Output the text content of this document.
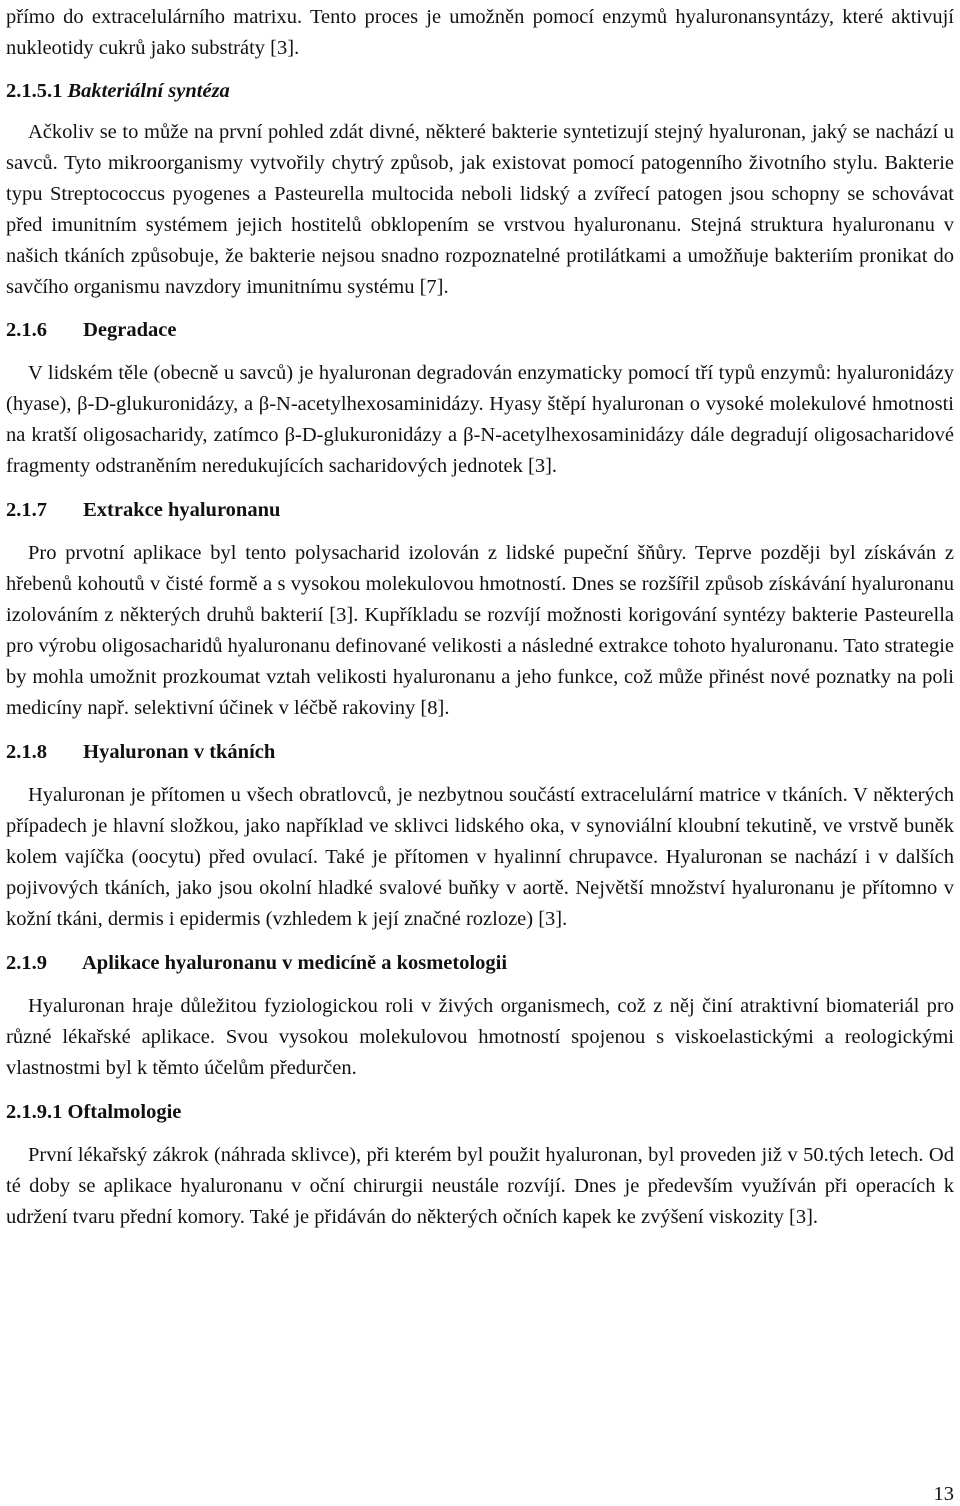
přímo do extracelulárního matrixu. Tento proces je umožněn pomocí enzymů hyaluronansyntázy, které aktivují nukleotidy cukrů jako substráty [3].

2.1.5.1 Bakteriální syntéza

Ačkoliv se to může na první pohled zdát divné, některé bakterie syntetizují stejný hyaluronan, jaký se nachází u savců. Tyto mikroorganismy vytvořily chytrý způsob, jak existovat pomocí patogenního životního stylu. Bakterie typu Streptococcus pyogenes a Pasteurella multocida neboli lidský a zvířecí patogen jsou schopny se schovávat před imunitním systémem jejich hostitelů obklopením se vrstvou hyaluronanu. Stejná struktura hyaluronanu v našich tkáních způsobuje, že bakterie nejsou snadno rozpoznatelné protilátkami a umožňuje bakteriím pronikat do savčího organismu navzdory imunitnímu systému [7].

2.1.6 Degradace

V lidském těle (obecně u savců) je hyaluronan degradován enzymaticky pomocí tří typů enzymů: hyaluronidázy (hyase), β-D-glukuronidázy, a β-N-acetylhexosaminidázy. Hyasy štěpí hyaluronan o vysoké molekulové hmotnosti na kratší oligosacharidy, zatímco β-D-glukuronidázy a β-N-acetylhexosaminidázy dále degradují oligosacharidové fragmenty odstraněním neredukujících sacharidových jednotek [3].

2.1.7 Extrakce hyaluronanu

Pro prvotní aplikace byl tento polysacharid izolován z lidské pupeční šňůry. Teprve později byl získáván z hřebenů kohoutů v čisté formě a s vysokou molekulovou hmotností. Dnes se rozšířil způsob získávání hyaluronanu izolováním z některých druhů bakterií [3]. Kupříkladu se rozvíjí možnosti korigování syntézy bakterie Pasteurella pro výrobu oligosacharidů hyaluronanu definované velikosti a následné extrakce tohoto hyaluronanu. Tato strategie by mohla umožnit prozkoumat vztah velikosti hyaluronanu a jeho funkce, což může přinést nové poznatky na poli medicíny např. selektivní účinek v léčbě rakoviny [8].

2.1.8 Hyaluronan v tkáních

Hyaluronan je přítomen u všech obratlovců, je nezbytnou součástí extracelulární matrice v tkáních. V některých případech je hlavní složkou, jako například ve sklivci lidského oka, v synoviální kloubní tekutině, ve vrstvě buněk kolem vajíčka (oocytu) před ovulací. Také je přítomen v hyalinní chrupavce. Hyaluronan se nachází i v dalších pojivových tkáních, jako jsou okolní hladké svalové buňky v aortě. Největší množství hyaluronanu je přítomno v kožní tkáni, dermis i epidermis (vzhledem k její značné rozloze) [3].

2.1.9 Aplikace hyaluronanu v medicíně a kosmetologii

Hyaluronan hraje důležitou fyziologickou roli v živých organismech, což z něj činí atraktivní biomateriál pro různé lékařské aplikace. Svou vysokou molekulovou hmotností spojenou s viskoelastickými a reologickými vlastnostmi byl k těmto účelům předurčen.

2.1.9.1 Oftalmologie

První lékařský zákrok (náhrada sklivce), při kterém byl použit hyaluronan, byl proveden již v 50.tých letech. Od té doby se aplikace hyaluronanu v oční chirurgii neustále rozvíjí. Dnes je především využíván při operacích k udržení tvaru přední komory. Také je přidáván do některých očních kapek ke zvýšení viskozity [3].

13
